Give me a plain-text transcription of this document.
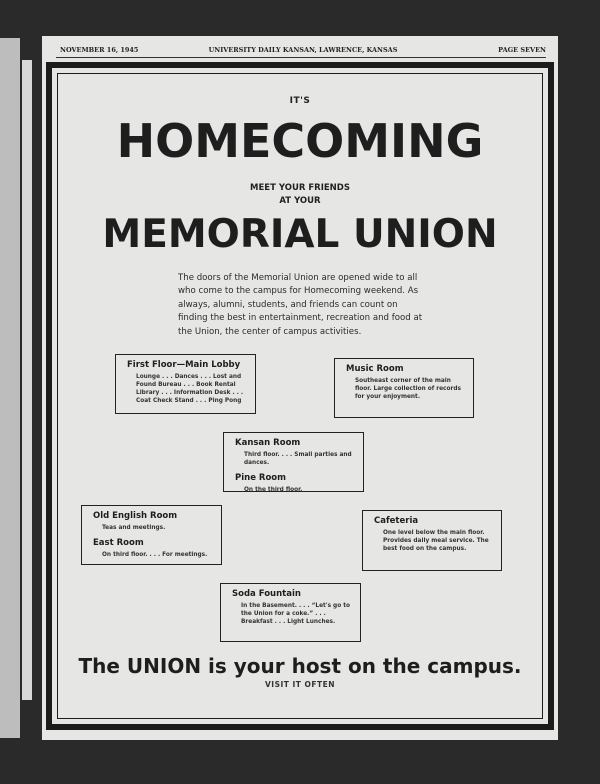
NOVEMBER 16, 1945	UNIVERSITY DAILY KANSAN, LAWRENCE, KANSAS	PAGE SEVEN
IT'S
HOMECOMING
MEET YOUR FRIENDS
AT YOUR
MEMORIAL UNION
The doors of the Memorial Union are opened wide to all who come to the campus for Homecoming weekend. As always, alumni, students, and friends can count on finding the best in entertainment, recreation and food at the Union, the center of campus activities.
First Floor—Main Lobby
Lounge . . . Dances . . . Lost and Found Bureau . . . Book Rental Library . . . Information Desk . . . Coat Check Stand . . . Ping Pong
Music Room
Southeast corner of the main floor. Large collection of records for your enjoyment.
Kansan Room
Third floor. . . . Small parties and dances.
Pine Room
On the third floor.
Old English Room
Teas and meetings.
East Room
On third floor. . . . For meetings.
Cafeteria
One level below the main floor. Provides daily meal service. The best food on the campus.
Soda Fountain
In the Basement. . . . “Let's go to the Union for a coke.” . . . Breakfast . . . Light Lunches.
The UNION is your host on the campus.
VISIT IT OFTEN
